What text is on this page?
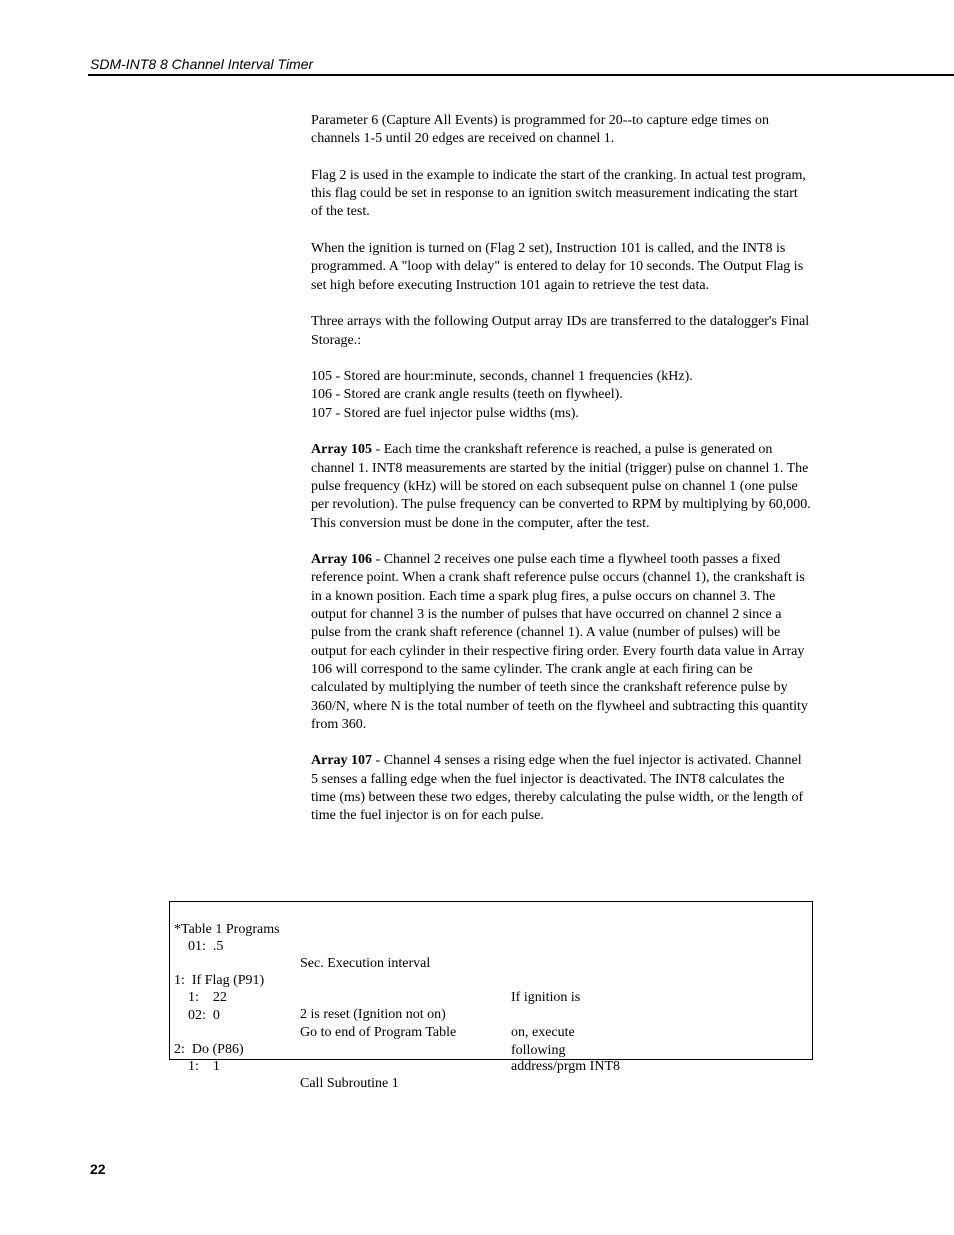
SDM-INT8 8 Channel Interval Timer

Parameter 6 (Capture All Events) is programmed for 20--to capture edge times on channels 1-5 until 20 edges are received on channel 1.

Flag 2 is used in the example to indicate the start of the cranking. In actual test program, this flag could be set in response to an ignition switch measurement indicating the start of the test.

When the ignition is turned on (Flag 2 set), Instruction 101 is called, and the INT8 is programmed. A "loop with delay" is entered to delay for 10 seconds. The Output Flag is set high before executing Instruction 101 again to retrieve the test data.

Three arrays with the following Output array IDs are transferred to the datalogger's Final Storage.:

105 - Stored are hour:minute, seconds, channel 1 frequencies (kHz).

106 - Stored are crank angle results (teeth on flywheel).

107 - Stored are fuel injector pulse widths (ms).

Array 105 - Each time the crankshaft reference is reached, a pulse is generated on channel 1. INT8 measurements are started by the initial (trigger) pulse on channel 1. The pulse frequency (kHz) will be stored on each subsequent pulse on channel 1 (one pulse per revolution). The pulse frequency can be converted to RPM by multiplying by 60,000. This conversion must be done in the computer, after the test.

Array 106 - Channel 2 receives one pulse each time a flywheel tooth passes a fixed reference point. When a crank shaft reference pulse occurs (channel 1), the crankshaft is in a known position. Each time a spark plug fires, a pulse occurs on channel 3. The output for channel 3 is the number of pulses that have occurred on channel 2 since a pulse from the crank shaft reference (channel 1). A value (number of pulses) will be output for each cylinder in their respective firing order. Every fourth data value in Array 106 will correspond to the same cylinder. The crank angle at each firing can be calculated by multiplying the number of teeth since the crankshaft reference pulse by 360/N, where N is the total number of teeth on the flywheel and subtracting this quantity from 360.

Array 107 - Channel 4 senses a rising edge when the fuel injector is activated. Channel 5 senses a falling edge when the fuel injector is deactivated. The INT8 calculates the time (ms) between these two edges, thereby calculating the pulse width, or the length of time the fuel injector is on for each pulse.

*Table 1 Programs

01:  .5

Sec. Execution interval

1:  If Flag (P91)

If ignition is

1:    22

2 is reset (Ignition not on)

on, execute

02:  0

Go to end of Program Table

following

2:  Do (P86)

address/prgm INT8

1:    1

Call Subroutine 1

22
